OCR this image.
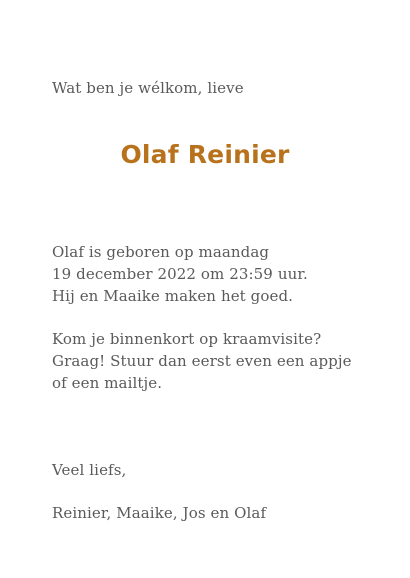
Wat ben je wélkom, lieve

Olaf Reinier

Olaf is geboren op maandag

19 december 2022 om 23:59 uur.

Hij en Maaike maken het goed.

Kom je binnenkort op kraamvisite?

Graag! Stuur dan eerst even een appje

of een mailtje.

Veel liefs,

Reinier, Maaike, Jos en Olaf
